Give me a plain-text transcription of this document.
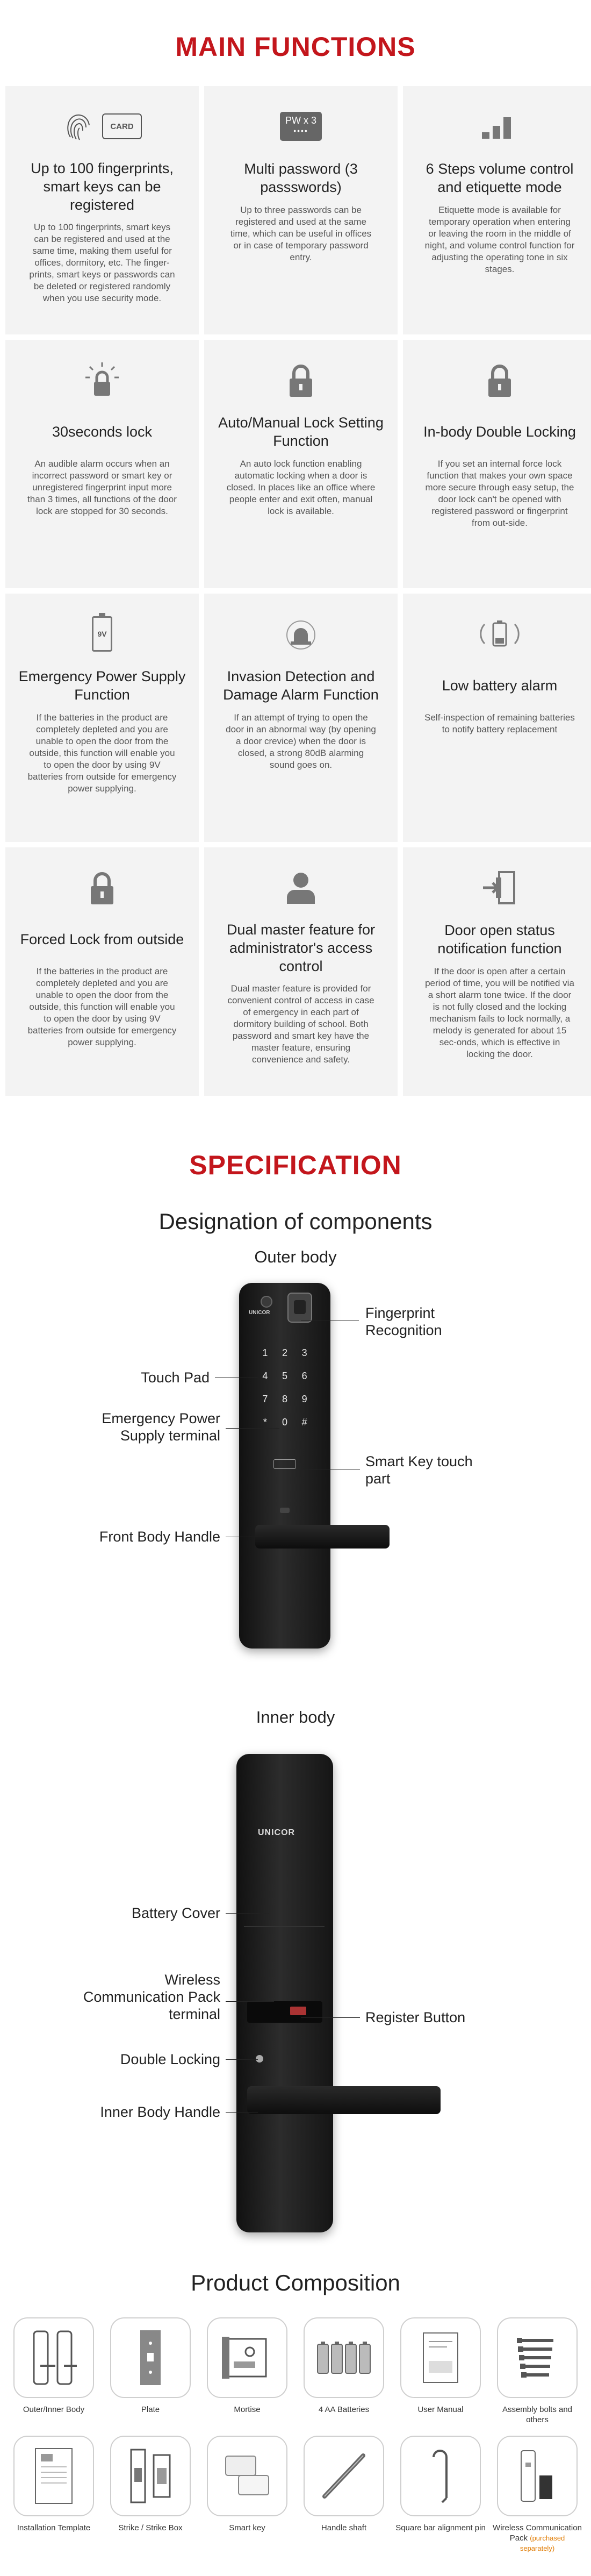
MAIN FUNCTIONS
CARD
Up to 100 fingerprints, smart keys can be registered
Up to 100 fingerprints, smart keys can be registered and used at the same time, making them useful for offices, dormitory, etc. The finger-prints, smart keys or passwords can be deleted or registered randomly when you use security mode.
PW x 3
••••
Multi password (3 passswords)
Up to three passwords can be registered and used at the same time, which can be useful in offices or in case of temporary password entry.
6 Steps volume control and etiquette mode
Etiquette mode is available for temporary operation when entering or leaving the room in the middle of night, and volume control function for adjusting the operating tone in six stages.
30seconds lock
An audible alarm occurs when an incorrect password or smart key or unregistered fingerprint input more than 3 times, all functions of the door lock are stopped for 30 seconds.
Auto/Manual Lock Setting Function
An auto lock function enabling automatic locking when a door is closed. In places like an office where people enter and exit often, manual lock is available.
In-body Double Locking
If you set an internal force lock function that makes your own space more secure through easy setup, the door lock can't be opened with registered password or fingerprint from out-side.
9V
Emergency Power Supply Function
If the batteries in the product are completely depleted and you are unable to open the door from the outside, this function will enable you to open the door by using 9V batteries from outside for emergency power supplying.
Invasion Detection and Damage Alarm Function
If an attempt of trying to open the door in an abnormal way (by opening a door crevice) when the door is closed, a strong 80dB alarming sound goes on.
Low battery alarm
Self-inspection of remaining batteries to notify battery replacement
Forced Lock from outside
If the batteries in the product are completely depleted and you are unable to open the door from the outside, this function will enable you to open the door by using 9V batteries from outside for emergency power supplying.
Dual master feature for administrator's access control
Dual master feature is provided for convenient control of access in case of emergency in each part of dormitory building of school. Both password and smart key have the master feature, ensuring convenience and safety.
Door open status notification function
If the door is open after a certain period of time, you will be notified via a short alarm tone twice. If the door is not fully closed and the locking mechanism fails to lock normally, a melody is generated for about 15 sec-onds, which is effective in locking the door.
SPECIFICATION
Designation of components
Outer body
UNICOR
1	2	3
4	5	6
7	8	9
*	0	#
Fingerprint Recognition
Touch Pad
Emergency Power Supply terminal
Smart Key touch part
Front Body Handle
Inner body
UNICOR
Battery Cover
Wireless Communication Pack terminal	Register Button
Double Locking
Inner Body Handle
Product Composition
Outer/Inner Body	Plate	Mortise	4 AA Batteries	User Manual	Assembly bolts and others
Installation Template	Strike / Strike Box	Smart key	Handle shaft	Square bar alignment pin Wireless Communication Pack (purchased separately)
